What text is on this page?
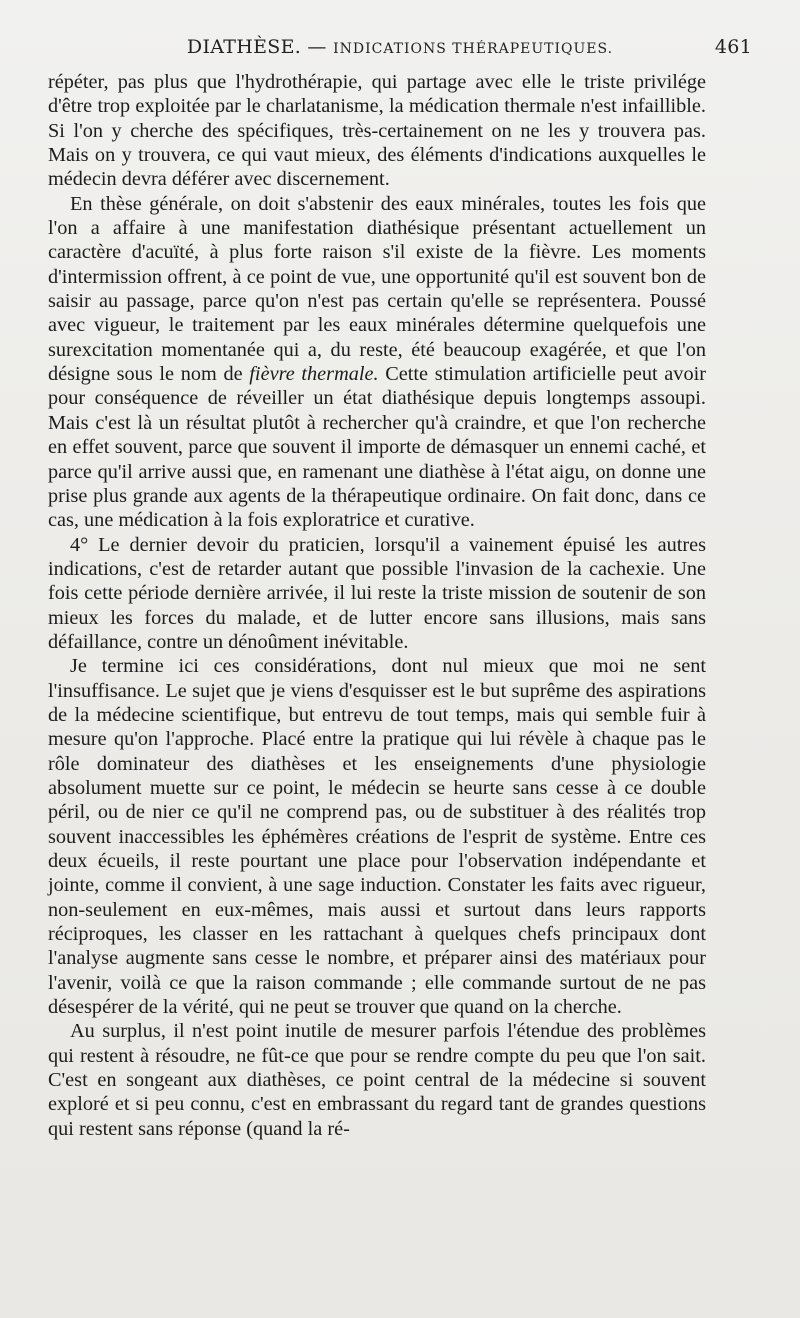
DIATHÈSE. — INDICATIONS THÉRAPEUTIQUES.	461

répéter, pas plus que l'hydrothérapie, qui partage avec elle le triste privilége d'être trop exploitée par le charlatanisme, la médication thermale n'est infaillible. Si l'on y cherche des spécifiques, très-certainement on ne les y trouvera pas. Mais on y trouvera, ce qui vaut mieux, des éléments d'indications auxquelles le médecin devra déférer avec discernement.

En thèse générale, on doit s'abstenir des eaux minérales, toutes les fois que l'on a affaire à une manifestation diathésique présentant actuellement un caractère d'acuïté, à plus forte raison s'il existe de la fièvre. Les moments d'intermission offrent, à ce point de vue, une opportunité qu'il est souvent bon de saisir au passage, parce qu'on n'est pas certain qu'elle se représentera. Poussé avec vigueur, le traitement par les eaux minérales détermine quelquefois une surexcitation momentanée qui a, du reste, été beaucoup exagérée, et que l'on désigne sous le nom de fièvre thermale. Cette stimulation artificielle peut avoir pour conséquence de réveiller un état diathésique depuis longtemps assoupi. Mais c'est là un résultat plutôt à rechercher qu'à craindre, et que l'on recherche en effet souvent, parce que souvent il importe de démasquer un ennemi caché, et parce qu'il arrive aussi que, en ramenant une diathèse à l'état aigu, on donne une prise plus grande aux agents de la thérapeutique ordinaire. On fait donc, dans ce cas, une médication à la fois exploratrice et curative.

4° Le dernier devoir du praticien, lorsqu'il a vainement épuisé les autres indications, c'est de retarder autant que possible l'invasion de la cachexie. Une fois cette période dernière arrivée, il lui reste la triste mission de soutenir de son mieux les forces du malade, et de lutter encore sans illusions, mais sans défaillance, contre un dénoûment inévitable.

Je termine ici ces considérations, dont nul mieux que moi ne sent l'insuffisance. Le sujet que je viens d'esquisser est le but suprême des aspirations de la médecine scientifique, but entrevu de tout temps, mais qui semble fuir à mesure qu'on l'approche. Placé entre la pratique qui lui révèle à chaque pas le rôle dominateur des diathèses et les enseignements d'une physiologie absolument muette sur ce point, le médecin se heurte sans cesse à ce double péril, ou de nier ce qu'il ne comprend pas, ou de substituer à des réalités trop souvent inaccessibles les éphémères créations de l'esprit de système. Entre ces deux écueils, il reste pourtant une place pour l'observation indépendante et jointe, comme il convient, à une sage induction. Constater les faits avec rigueur, non-seulement en eux-mêmes, mais aussi et surtout dans leurs rapports réciproques, les classer en les rattachant à quelques chefs principaux dont l'analyse augmente sans cesse le nombre, et préparer ainsi des matériaux pour l'avenir, voilà ce que la raison commande ; elle commande surtout de ne pas désespérer de la vérité, qui ne peut se trouver que quand on la cherche.

Au surplus, il n'est point inutile de mesurer parfois l'étendue des problèmes qui restent à résoudre, ne fût-ce que pour se rendre compte du peu que l'on sait. C'est en songeant aux diathèses, ce point central de la médecine si souvent exploré et si peu connu, c'est en embrassant du regard tant de grandes questions qui restent sans réponse (quand la ré-
